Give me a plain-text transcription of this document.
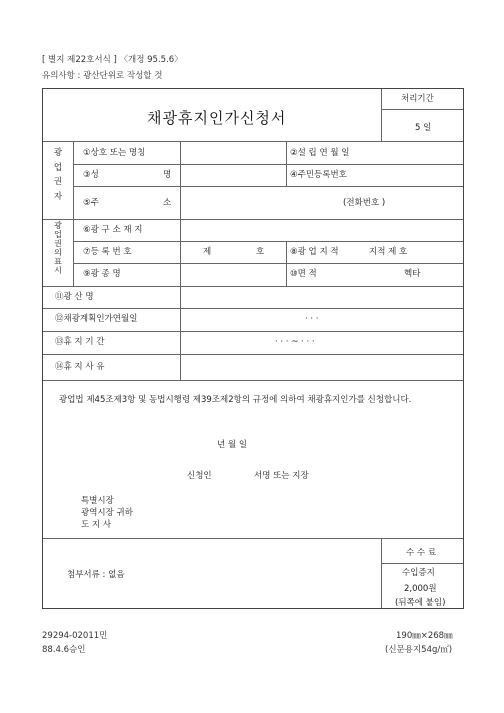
[ 별지 제22호서식 ] 〈개정 95.5.6〉
유의사항 : 광산단위로 작성할 것
채광휴지인가신청서
처리기간
5 일
광
업
권
자
광
업
권
의
표
시
①상호 또는 명칭	②설 립 연 월 일
③성	명	④주민등록번호
⑤주	소	(전화번호 )
⑥광 구 소 재 지
⑦등 록 번 호	제	호	⑧광 업 지 적	지적 제 호
⑨광 종 명	⑩면 적	헥타
⑪광 산 명
⑫채광계획인가연월일	· · ·
⑬휴 지 기 간	· · · ~ · · ·
⑭휴 지 사 유
광업법 제45조제3항 및 동법시행령 제39조제2항의 규정에 의하여 채광휴지인가를 신청합니다.
년 월 일
신청인	서명 또는 지장
특별시장
광역시장 귀하
도 지 사
첨부서류 : 없음
수 수 료
수입증지
2,000원
(뒤쪽에 붙임)
29294-02011민
88.4.6승인
190㎜×268㎜
(신문용지54g/㎡)
